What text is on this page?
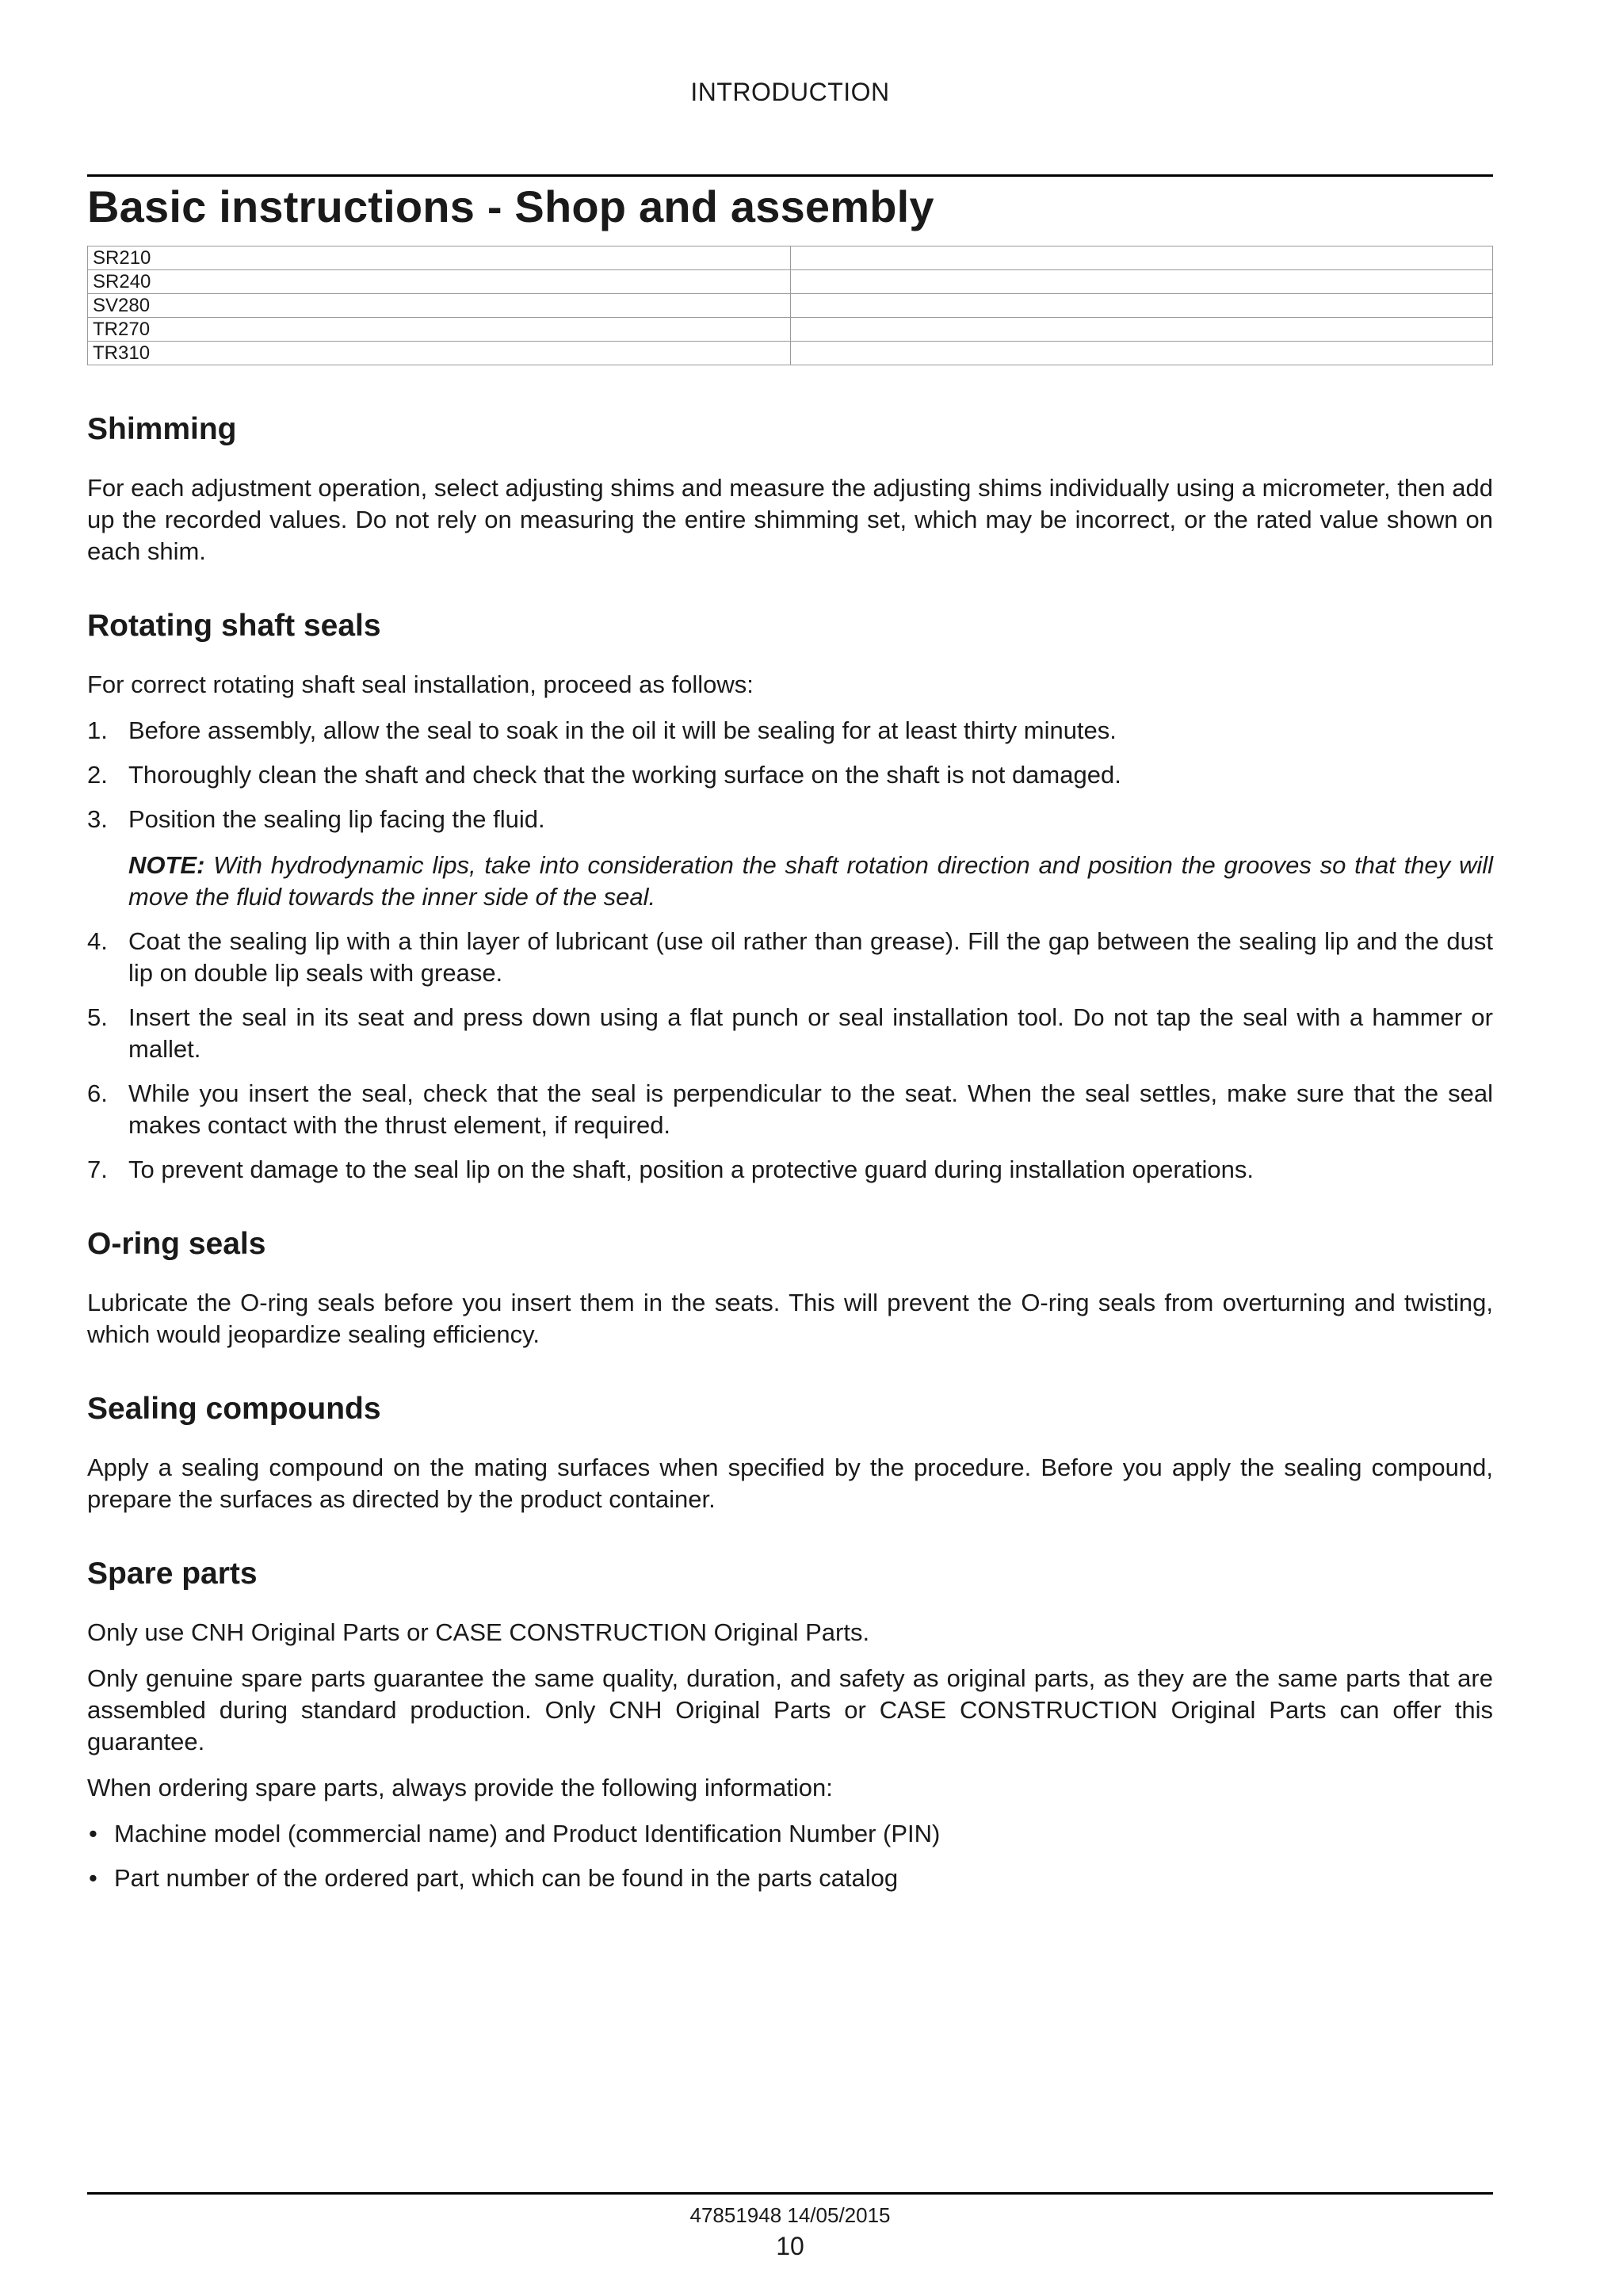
INTRODUCTION
Basic instructions - Shop and assembly
SR210	
SR240	
SV280	
TR270	
TR310	
Shimming

For each adjustment operation, select adjusting shims and measure the adjusting shims individually using a micrometer, then add up the recorded values. Do not rely on measuring the entire shimming set, which may be incorrect, or the rated value shown on each shim.

Rotating shaft seals

For correct rotating shaft seal installation, proceed as follows:

1. Before assembly, allow the seal to soak in the oil it will be sealing for at least thirty minutes.
2. Thoroughly clean the shaft and check that the working surface on the shaft is not damaged.
3. Position the sealing lip facing the fluid.
NOTE: With hydrodynamic lips, take into consideration the shaft rotation direction and position the grooves so that they will move the fluid towards the inner side of the seal.
4. Coat the sealing lip with a thin layer of lubricant (use oil rather than grease). Fill the gap between the sealing lip and the dust lip on double lip seals with grease.
5. Insert the seal in its seat and press down using a flat punch or seal installation tool. Do not tap the seal with a hammer or mallet.
6. While you insert the seal, check that the seal is perpendicular to the seat. When the seal settles, make sure that the seal makes contact with the thrust element, if required.
7. To prevent damage to the seal lip on the shaft, position a protective guard during installation operations.
O-ring seals

Lubricate the O-ring seals before you insert them in the seats. This will prevent the O-ring seals from overturning and twisting, which would jeopardize sealing efficiency.

Sealing compounds

Apply a sealing compound on the mating surfaces when specified by the procedure. Before you apply the sealing compound, prepare the surfaces as directed by the product container.

Spare parts

Only use CNH Original Parts or CASE CONSTRUCTION Original Parts.

Only genuine spare parts guarantee the same quality, duration, and safety as original parts, as they are the same parts that are assembled during standard production. Only CNH Original Parts or CASE CONSTRUCTION Original Parts can offer this guarantee.

When ordering spare parts, always provide the following information:

• Machine model (commercial name) and Product Identification Number (PIN)
• Part number of the ordered part, which can be found in the parts catalog
47851948 14/05/2015
10
